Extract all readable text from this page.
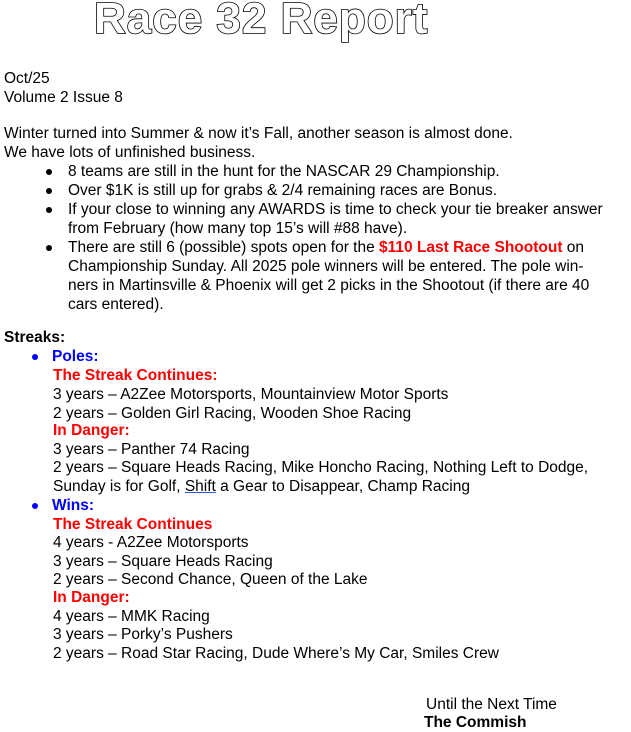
Race 32 Report
Oct/25
Volume 2 Issue 8
Winter turned into Summer & now it’s Fall, another season is almost done.
We have lots of unfinished business.
8 teams are still in the hunt for the NASCAR 29 Championship.
Over $1K is still up for grabs & 2/4 remaining races are Bonus.
If your close to winning any AWARDS is time to check your tie breaker answer
from February (how many top 15’s will #88 have).
There are still 6 (possible) spots open for the $110 Last Race Shootout on
Championship Sunday. All 2025 pole winners will be entered. The pole win-
ners in Martinsville & Phoenix will get 2 picks in the Shootout (if there are 40
cars entered).
Streaks:
Poles:
The Streak Continues:
3 years – A2Zee Motorsports, Mountainview Motor Sports
2 years – Golden Girl Racing, Wooden Shoe Racing
In Danger:
3 years – Panther 74 Racing
2 years – Square Heads Racing, Mike Honcho Racing, Nothing Left to Dodge,
Sunday is for Golf, Shift a Gear to Disappear, Champ Racing
Wins:
The Streak Continues
4 years - A2Zee Motorsports
3 years – Square Heads Racing
2 years – Second Chance, Queen of the Lake
In Danger:
4 years – MMK Racing
3 years – Porky’s Pushers
2 years – Road Star Racing, Dude Where’s My Car, Smiles Crew
Until the Next Time
The Commish
